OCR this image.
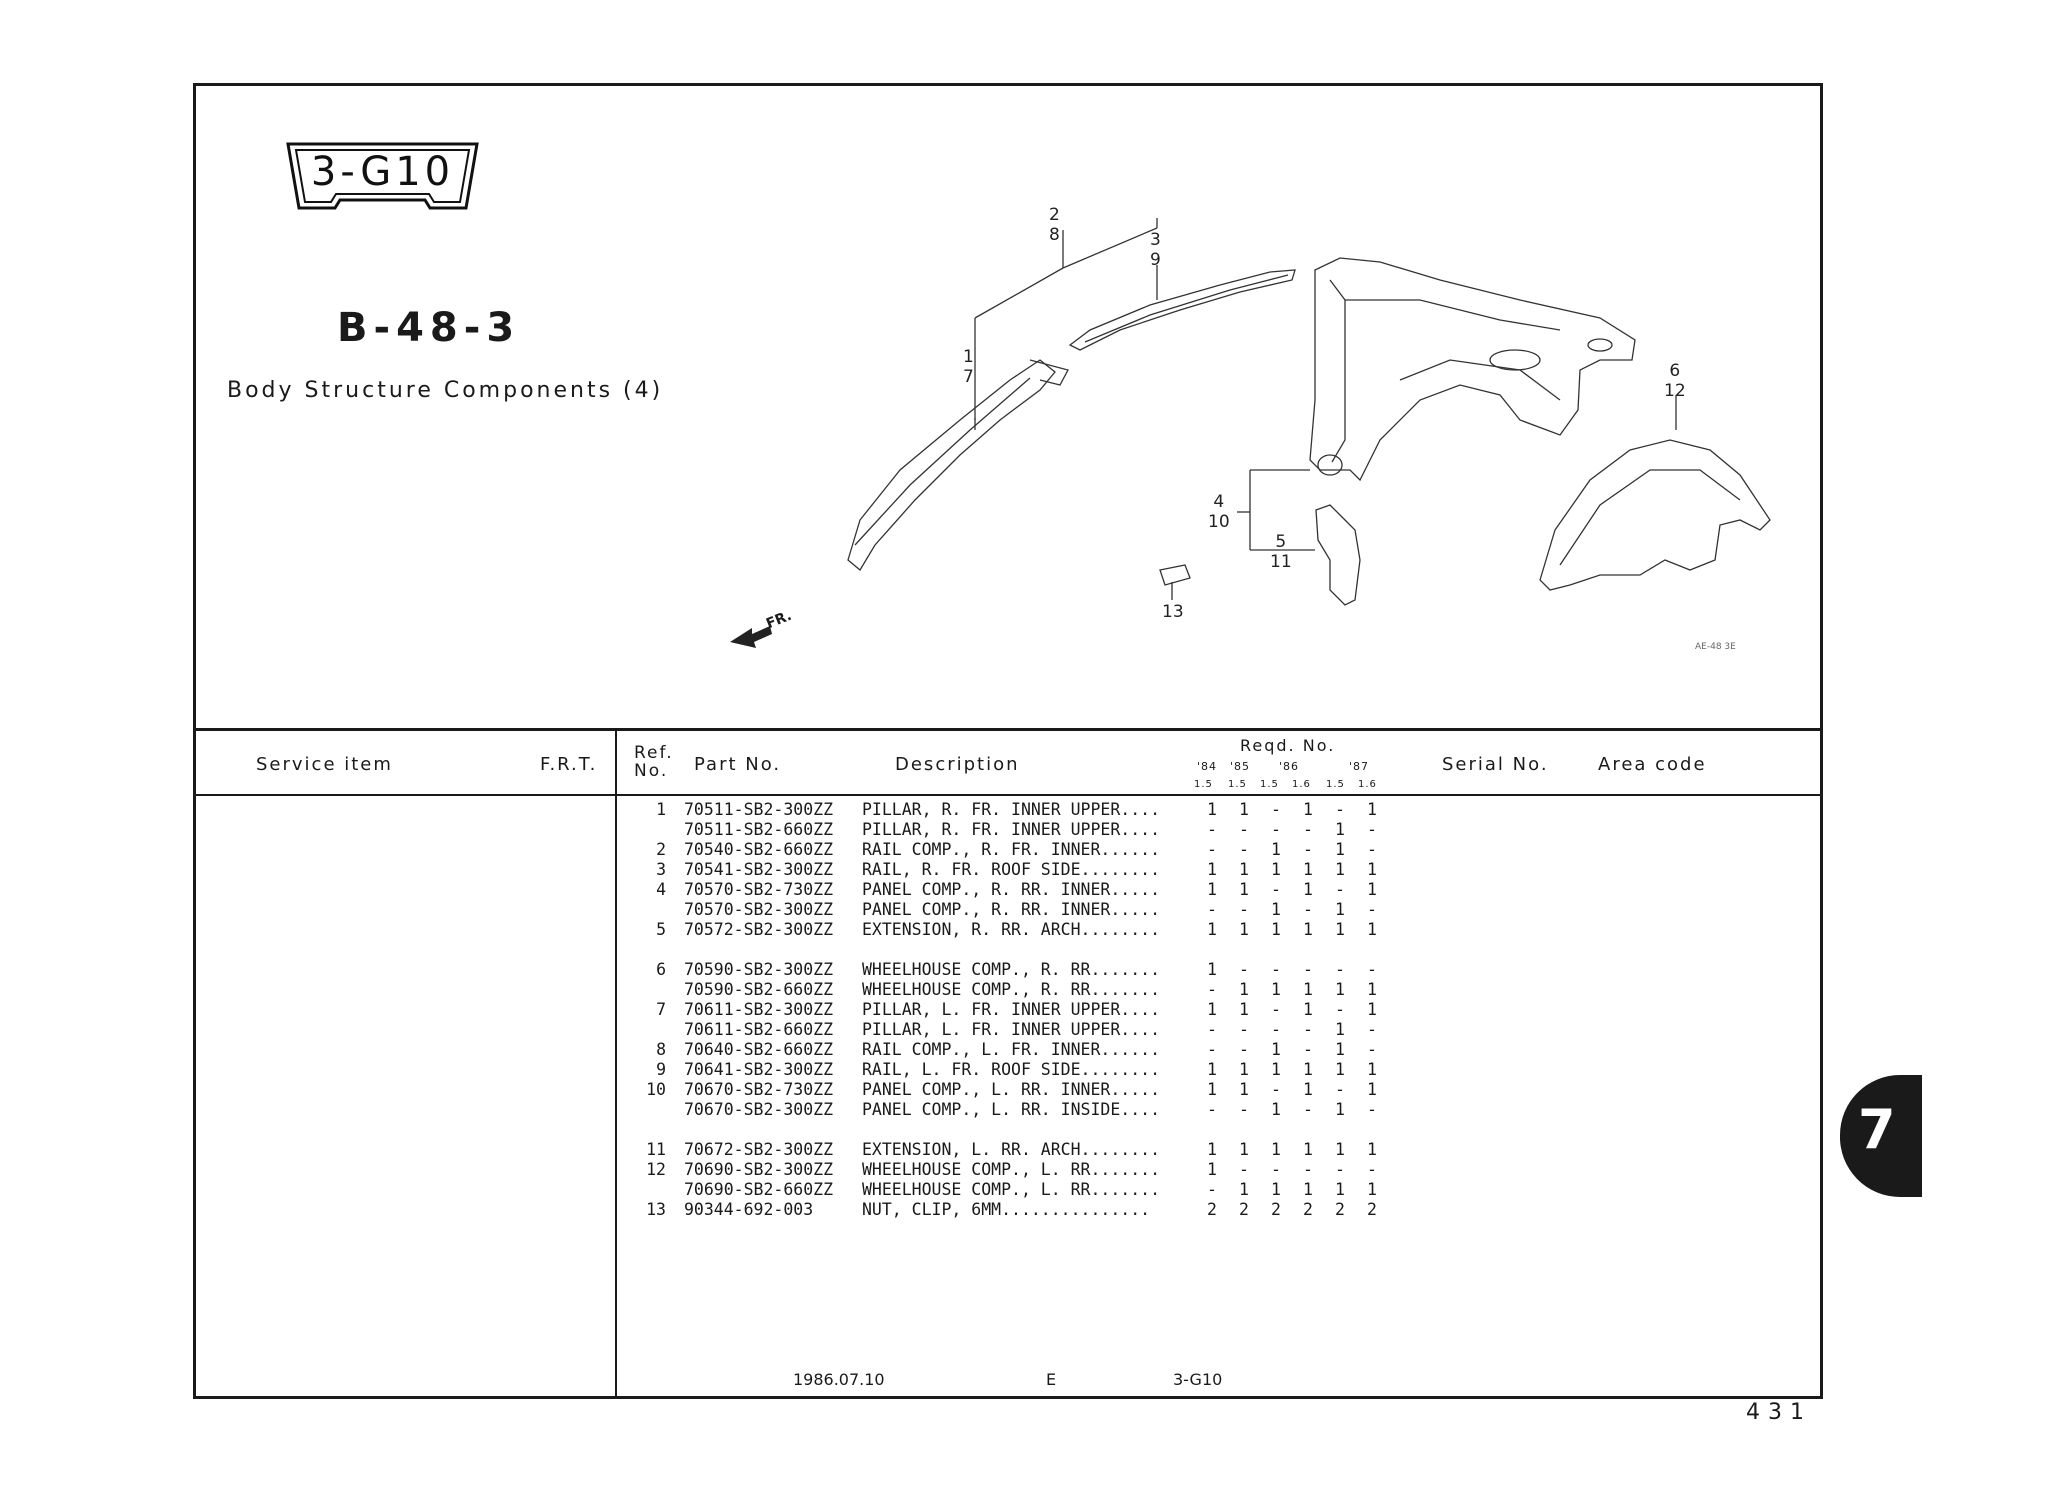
3-G10
B-48-3
Body Structure Components (4)
2
8	3
9
1
7	6
12
4
10
5
11
13
FR.
AE-48 3E
Service item	F.R.T.
Ref.
No.	Part No.	Description
Reqd. No.
'84 '85	'86	'87
1.5 1.5 1.5 1.6 1.5 1.6
Serial No.	Area code
1 70511-SB2-300ZZ PILLAR, R. FR. INNER UPPER....	1	1	-	1	-	1
70511-SB2-660ZZ PILLAR, R. FR. INNER UPPER....	-	-	-	-	1	-
2 70540-SB2-660ZZ RAIL COMP., R. FR. INNER......	-	-	1	-	1	-
3 70541-SB2-300ZZ RAIL, R. FR. ROOF SIDE........	1	1	1	1	1	1
4 70570-SB2-730ZZ PANEL COMP., R. RR. INNER.....	1	1	-	1	-	1
70570-SB2-300ZZ PANEL COMP., R. RR. INNER.....	-	-	1	-	1	-
5 70572-SB2-300ZZ EXTENSION, R. RR. ARCH........	1	1	1	1	1	1
6 70590-SB2-300ZZ WHEELHOUSE COMP., R. RR.......	1	-	-	-	-	-
70590-SB2-660ZZ WHEELHOUSE COMP., R. RR.......	-	1	1	1	1	1
7 70611-SB2-300ZZ PILLAR, L. FR. INNER UPPER....	1	1	-	1	-	1
70611-SB2-660ZZ PILLAR, L. FR. INNER UPPER....	-	-	-	-	1	-
8 70640-SB2-660ZZ RAIL COMP., L. FR. INNER......	-	-	1	-	1	-
9 70641-SB2-300ZZ RAIL, L. FR. ROOF SIDE........	1	1	1	1	1	1
10 70670-SB2-730ZZ PANEL COMP., L. RR. INNER.....	1	1	-	1	-	1
70670-SB2-300ZZ PANEL COMP., L. RR. INSIDE....	-	-	1	-	1	-
11 70672-SB2-300ZZ EXTENSION, L. RR. ARCH........	1	1	1	1	1	1
12 70690-SB2-300ZZ WHEELHOUSE COMP., L. RR.......	1	-	-	-	-	-
70690-SB2-660ZZ WHEELHOUSE COMP., L. RR.......	-	1	1	1	1	1
13 90344-692-003	NUT, CLIP, 6MM...............	2	2	2	2	2	2
1986.07.10	E	3-G10
431
7
